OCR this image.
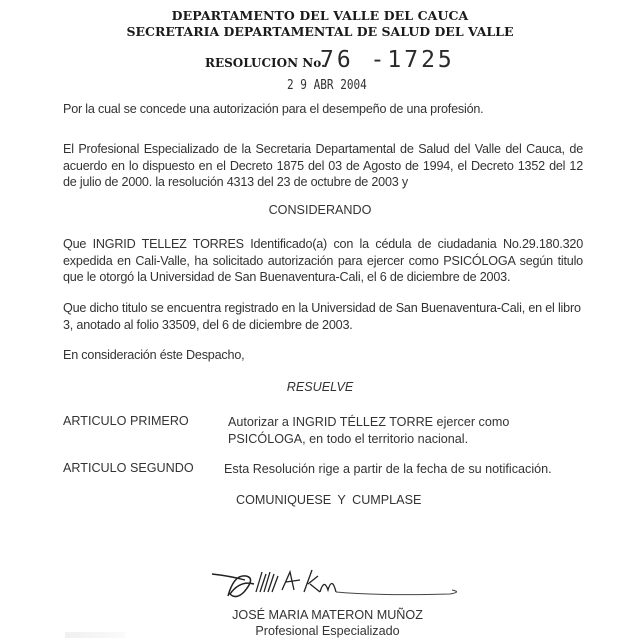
DEPARTAMENTO DEL VALLE DEL CAUCA
SECRETARIA DEPARTAMENTAL DE SALUD DEL VALLE
RESOLUCION No.
76 -1725
2 9 ABR 2004
Por la cual se concede una autorización para el desempeño de una profesión.
El Profesional Especializado de la Secretaria Departamental de Salud del Valle del Cauca, de acuerdo en lo dispuesto en el Decreto 1875 del 03 de Agosto de 1994, el Decreto 1352 del 12 de julio de 2000. la resolución 4313 del 23 de octubre de 2003 y
CONSIDERANDO
Que INGRID TELLEZ TORRES Identificado(a) con la cédula de ciudadania No.29.180.320 expedida en Cali-Valle, ha solicitado autorización para ejercer como PSICÓLOGA según titulo que le otorgó la Universidad de San Buenaventura-Cali, el 6 de diciembre de 2003.
Que dicho titulo se encuentra registrado en la Universidad de San Buenaventura-Cali, en el libro 3, anotado al folio 33509, del 6 de diciembre de 2003.
En consideración éste Despacho,
RESUELVE
ARTICULO PRIMERO	Autorizar a INGRID TÉLLEZ TORRE ejercer como PSICÓLOGA, en todo el territorio nacional.
ARTICULO SEGUNDO Esta Resolución rige a partir de la fecha de su notificación.
COMUNIQUESE Y CUMPLASE
JOSÉ MARIA MATERON MUÑOZ
Profesional Especializado
